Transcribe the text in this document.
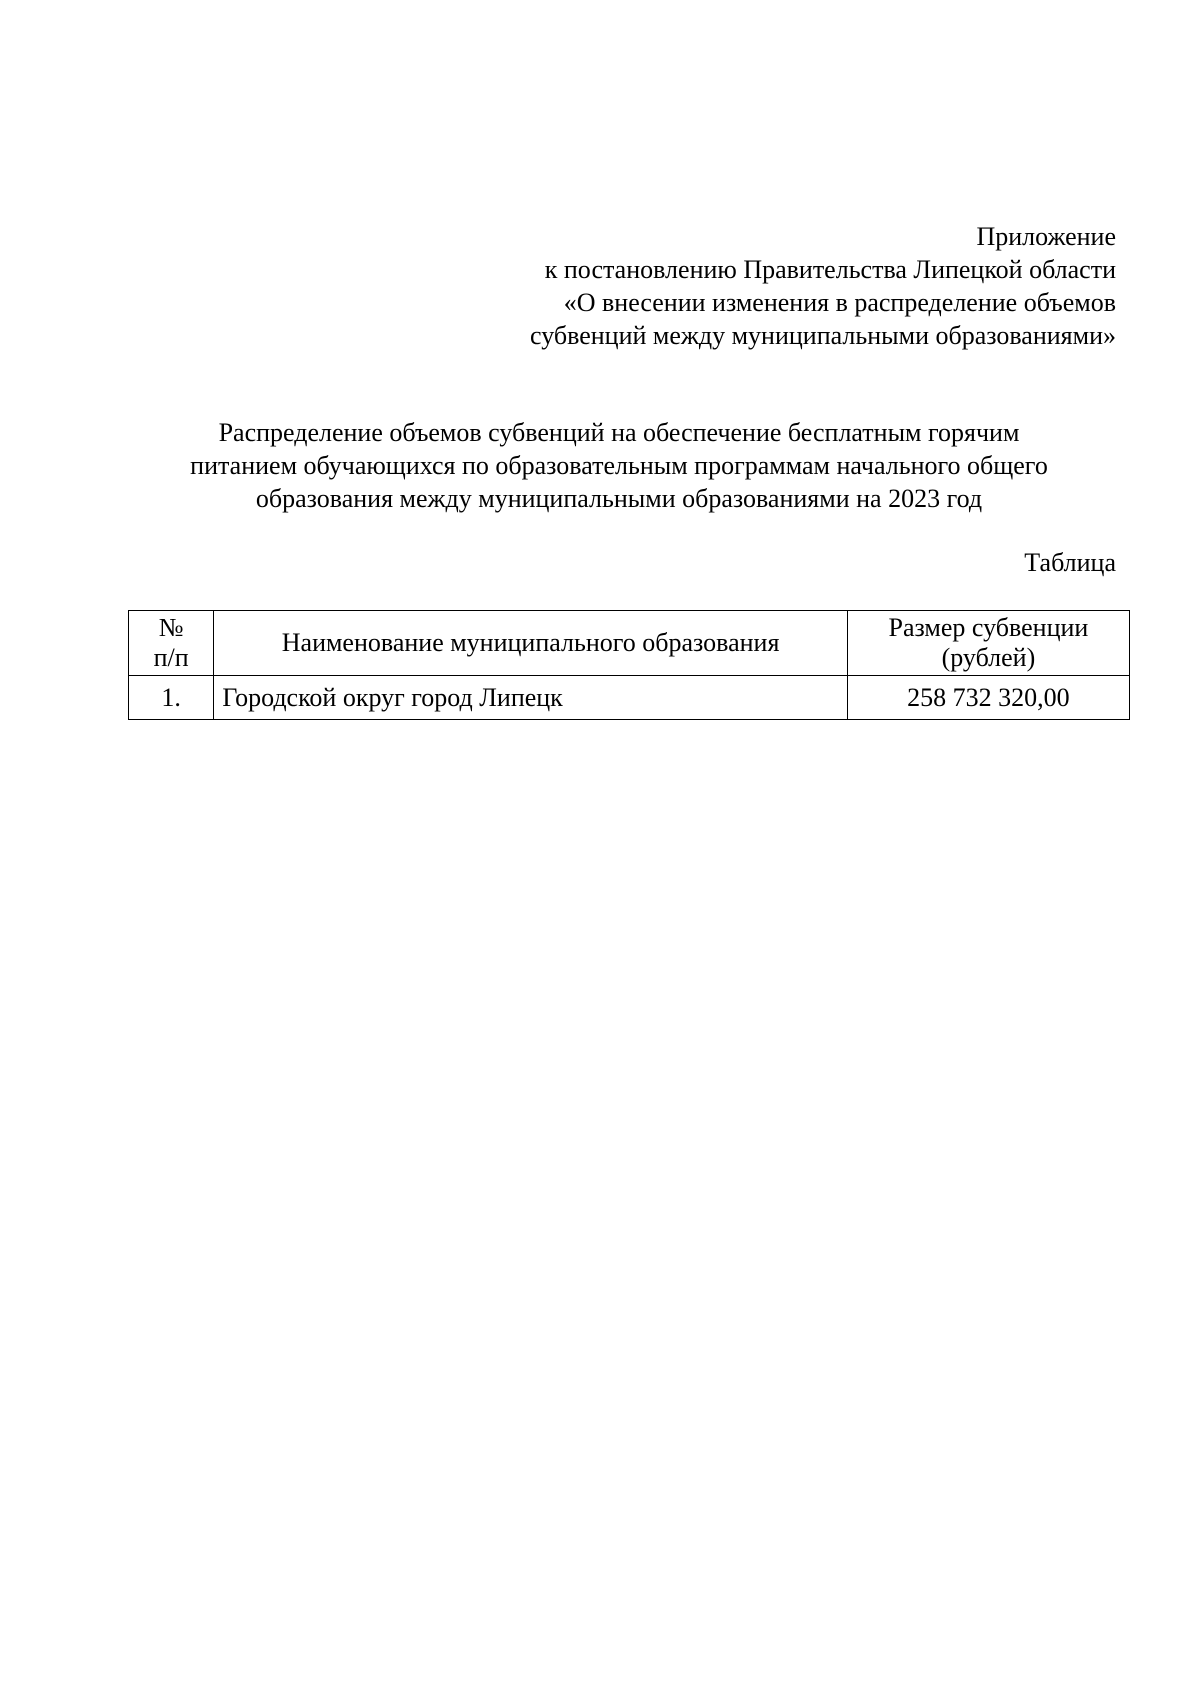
Приложение
к постановлению Правительства Липецкой области
«О внесении изменения в распределение объемов
субвенций между муниципальными образованиями»
Распределение объемов субвенций на обеспечение бесплатным горячим
питанием обучающихся по образовательным программам начального общего
образования между муниципальными образованиями на 2023 год
Таблица
№
п/п	Наименование муниципального образования	Размер субвенции
(рублей)

1.	Городской округ город Липецк	258 732 320,00
